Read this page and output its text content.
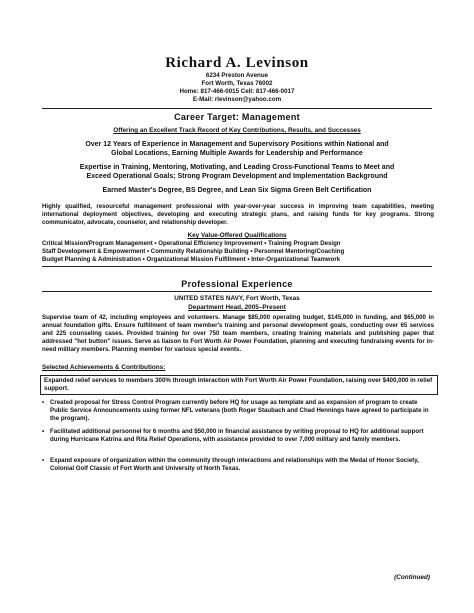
Richard A. Levinson
6234 Preston Avenue
Fort Worth, Texas 76002
Home: 817-466-0015 Cell: 817-466-0017
E-Mail: rlevinson@yahoo.com
Career Target: Management
Offering an Excellent Track Record of Key Contributions, Results, and Successes
Over 12 Years of Experience in Management and Supervisory Positions within National and
Global Locations, Earning Multiple Awards for Leadership and Performance
Expertise in Training, Mentoring, Motivating, and Leading Cross-Functional Teams to Meet and
Exceed Operational Goals; Strong Program Development and Implementation Background
Earned Master's Degree, BS Degree, and Lean Six Sigma Green Belt Certification
Highly qualified, resourceful management professional with year-over-year success in improving team capabilities, meeting international deployment objectives, developing and executing strategic plans, and raising funds for key programs. Strong communicator, advocate, counselor, and relationship developer.
Key Value-Offered Qualifications
Critical Mission/Program Management • Operational Efficiency Improvement • Training Program Design
Staff Development & Empowerment • Community Relationship Building • Personnel Mentoring/Coaching
Budget Planning & Administration • Organizational Mission Fulfillment • Inter-Organizational Teamwork
Professional Experience
UNITED STATES NAVY, Fort Worth, Texas
Department Head, 2005–Present
Supervise team of 42, including employees and volunteers. Manage $85,000 operating budget, $145,000 in funding, and $65,000 in annual foundation gifts. Ensure fulfillment of team member's training and personal development goals, conducting over 65 services and 225 counseling cases. Provided training for over 750 team members, creating training materials and publishing paper that addressed "hot button" issues. Serve as liaison to Fort Worth Air Power Foundation, planning and executing fundraising events for in-need military members. Planning member for various special events.
Selected Achievements & Contributions:
Expanded relief services to members 300% through interaction with Fort Worth Air Power Foundation, raising over $400,000 in relief support.
• Created proposal for Stress Control Program currently before HQ for usage as template and as expansion of program to create Public Service Announcements using former NFL veterans (both Roger Staubach and Chad Hennings have agreed to participate in the program).
• Facilitated additional personnel for 6 months and $50,000 in financial assistance by writing proposal to HQ for additional support during Hurricane Katrina and Rita Relief Operations, with assistance provided to over 7,000 military and family members.
• Expand exposure of organization within the community through interactions and relationships with the Medal of Honor Society, Colonial Golf Classic of Fort Worth and University of North Texas.
(Continued)
